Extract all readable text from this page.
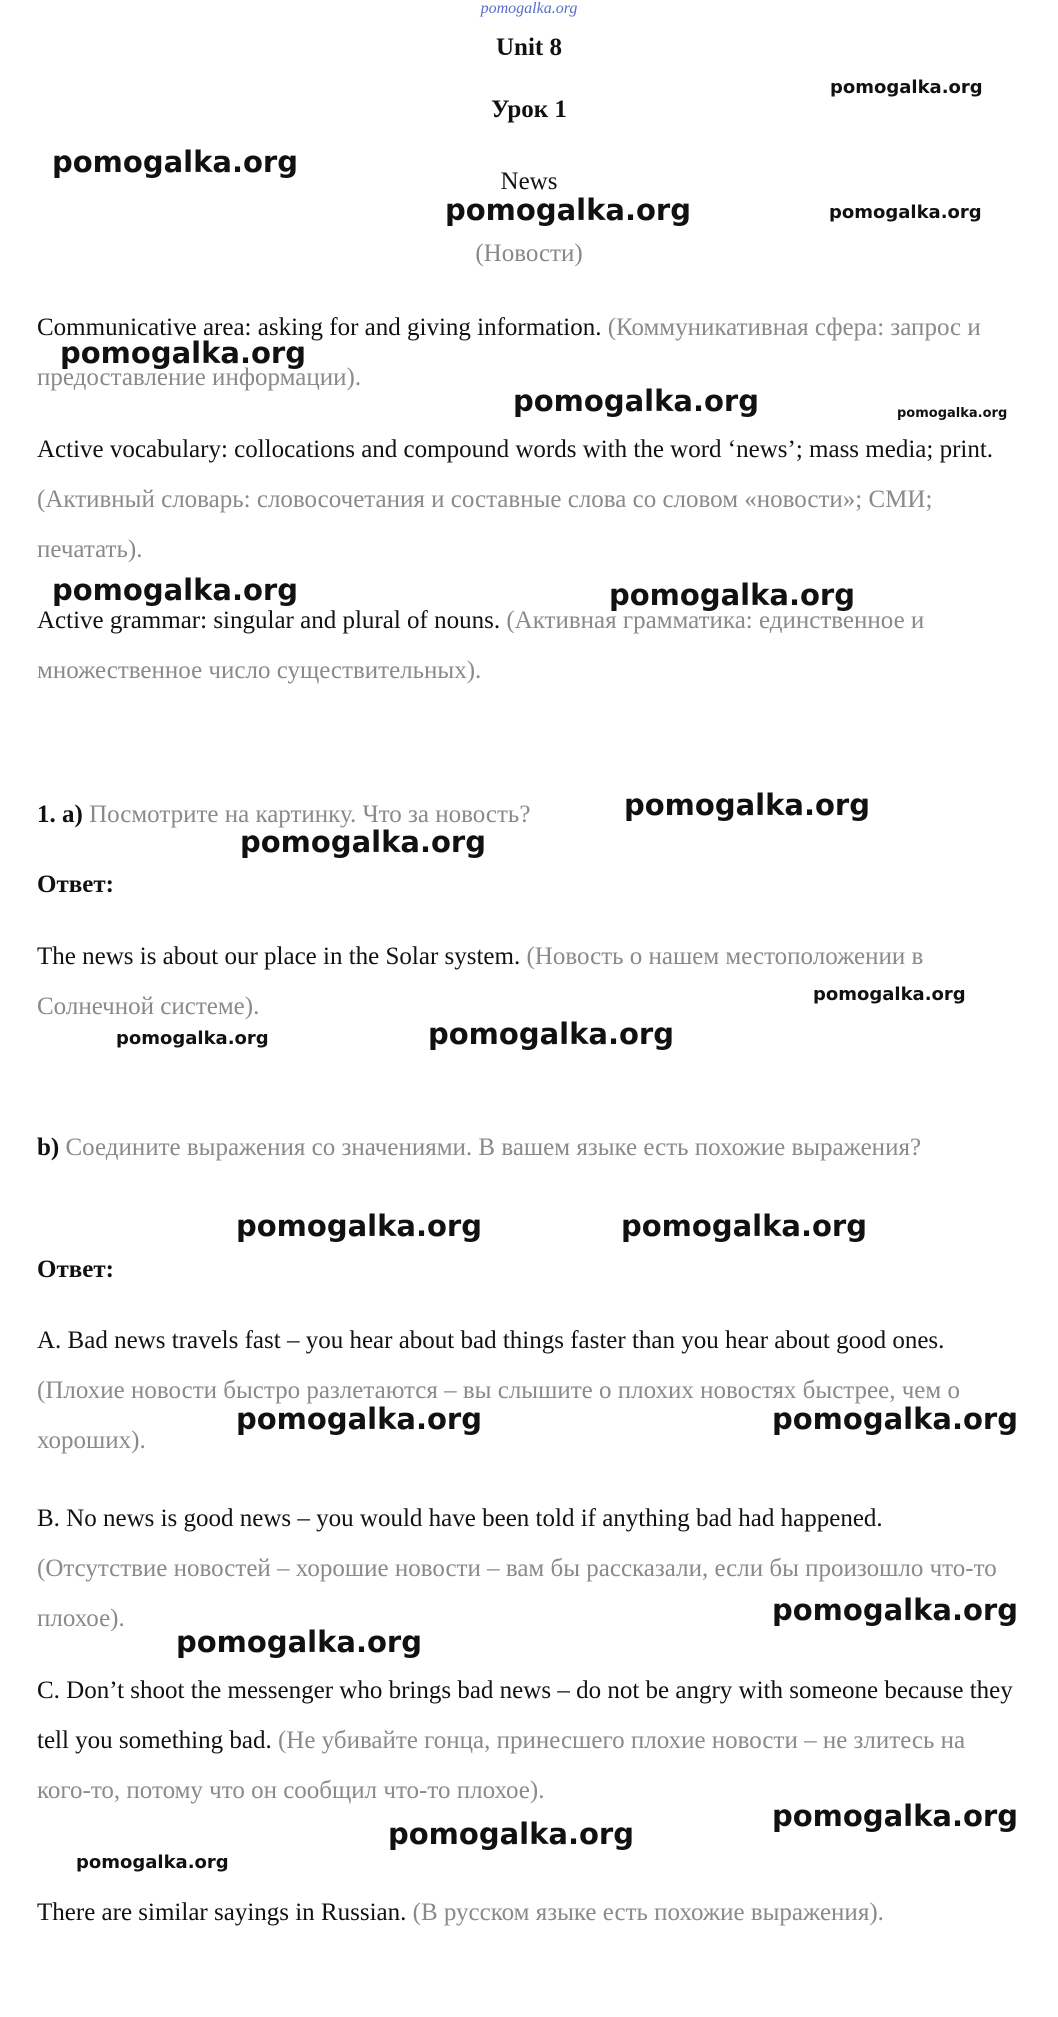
pomogalka.org
Unit 8
Урок 1
News
(Новости)
Communicative area: asking for and giving information. (Коммуникативная сфера: запрос и предоставление информации).
Active vocabulary: collocations and compound words with the word ‘news’; mass media; print. (Активный словарь: словосочетания и составные слова со словом «новости»; СМИ; печатать).
Active grammar: singular and plural of nouns. (Активная грамматика: единственное и множественное число существительных).
1. a) Посмотрите на картинку. Что за новость?
Ответ:
The news is about our place in the Solar system. (Новость о нашем местоположении в Солнечной системе).
b) Соедините выражения со значениями. В вашем языке есть похожие выражения?
Ответ:
A. Bad news travels fast – you hear about bad things faster than you hear about good ones. (Плохие новости быстро разлетаются – вы слышите о плохих новостях быстрее, чем о хороших).
B. No news is good news – you would have been told if anything bad had happened. (Отсутствие новостей – хорошие новости – вам бы рассказали, если бы произошло что-то плохое).
C. Don’t shoot the messenger who brings bad news – do not be angry with someone because they tell you something bad. (Не убивайте гонца, принесшего плохие новости – не злитесь на кого-то, потому что он сообщил что-то плохое).
There are similar sayings in Russian. (В русском языке есть похожие выражения).
pomogalka.org
pomogalka.org
pomogalka.org	pomogalka.org
pomogalka.org
pomogalka.org	pomogalka.org
pomogalka.org	pomogalka.org
pomogalka.org
pomogalka.org
pomogalka.org
pomogalka.org	pomogalka.org
pomogalka.org	pomogalka.org
pomogalka.org	pomogalka.org
pomogalka.org
pomogalka.org
pomogalka.org
pomogalka.org
pomogalka.org
